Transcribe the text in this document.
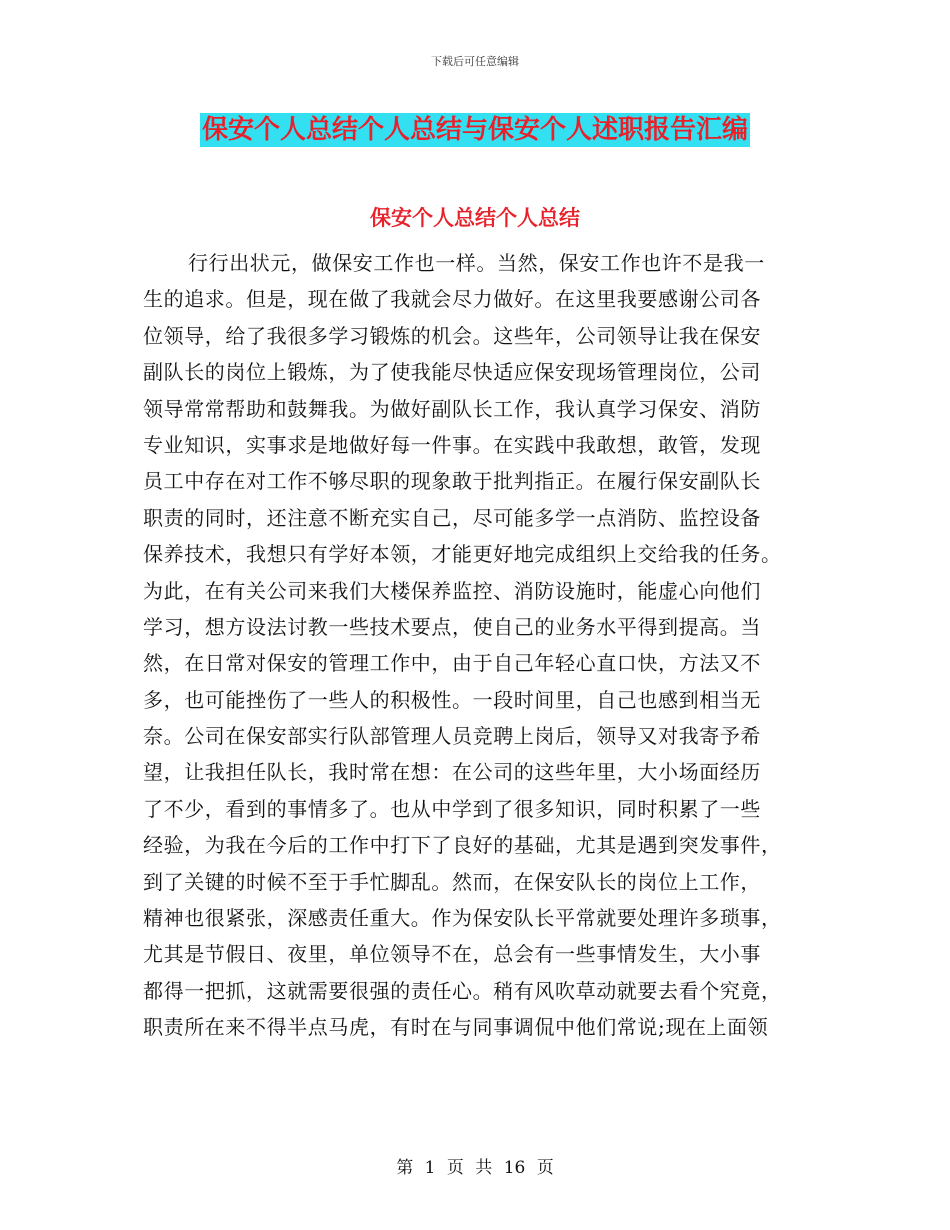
下载后可任意编辑
保安个人总结个人总结与保安个人述职报告汇编
保安个人总结个人总结
行行出状元，做保安工作也一样。当然，保安工作也许不是我一
生的追求。但是，现在做了我就会尽力做好。在这里我要感谢公司各
位领导，给了我很多学习锻炼的机会。这些年，公司领导让我在保安
副队长的岗位上锻炼，为了使我能尽快适应保安现场管理岗位，公司
领导常常帮助和鼓舞我。为做好副队长工作，我认真学习保安、消防
专业知识，实事求是地做好每一件事。在实践中我敢想，敢管，发现
员工中存在对工作不够尽职的现象敢于批判指正。在履行保安副队长
职责的同时，还注意不断充实自己，尽可能多学一点消防、监控设备
保养技术，我想只有学好本领，才能更好地完成组织上交给我的任务。
为此，在有关公司来我们大楼保养监控、消防设施时，能虚心向他们
学习，想方设法讨教一些技术要点，使自己的业务水平得到提高。当
然，在日常对保安的管理工作中，由于自己年轻心直口快，方法又不
多，也可能挫伤了一些人的积极性。一段时间里，自己也感到相当无
奈。公司在保安部实行队部管理人员竞聘上岗后，领导又对我寄予希
望，让我担任队长，我时常在想：在公司的这些年里，大小场面经历
了不少，看到的事情多了。也从中学到了很多知识，同时积累了一些
经验，为我在今后的工作中打下了良好的基础，尤其是遇到突发事件，
到了关键的时候不至于手忙脚乱。然而，在保安队长的岗位上工作，
精神也很紧张，深感责任重大。作为保安队长平常就要处理许多琐事，
尤其是节假日、夜里，单位领导不在，总会有一些事情发生，大小事
都得一把抓，这就需要很强的责任心。稍有风吹草动就要去看个究竟，
职责所在来不得半点马虎，有时在与同事调侃中他们常说;现在上面领
第 1 页 共 16 页
